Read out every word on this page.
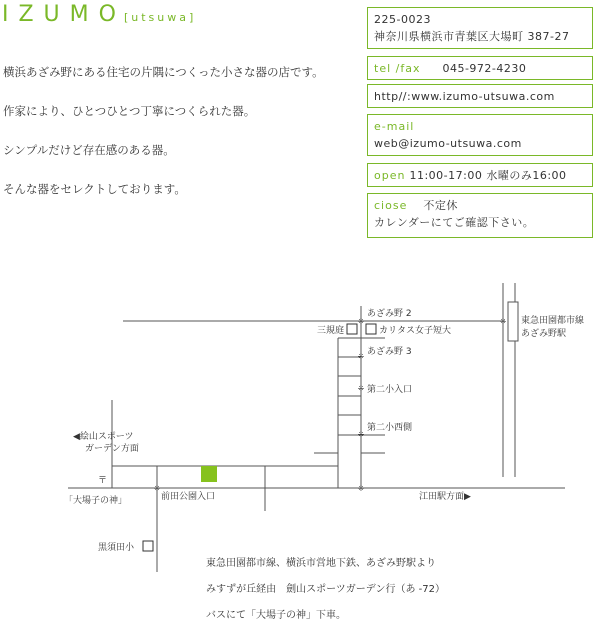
IZUMO
[utsuwa]

横浜あざみ野にある住宅の片隅につくった小さな器の店です。

作家により、ひとつひとつ丁寧につくられた器。

シンプルだけど存在感のある器。

そんな器をセレクトしております。

225-0023
神奈川県横浜市青葉区大場町 387-27
tel /fax 045-972-4230
http//:www.izumo-utsuwa.com
e-mail
web@izumo-utsuwa.com
open 11:00-17:00 水曜のみ16:00
ciose 不定休
カレンダーにてご確認下さい。
⁜
⁜
⁜
⁜
⁜
⁜
⁜
あざみ野 2
三規庭	カリタス女子短大
あざみ野 3
第二小入口
第二小西側
東急田園都市線
あざみ野駅
◀絵山スポーツ
ガーデン方面
〒
「大場子の神」	前田公園入口	江田駅方面▶
黒須田小
東急田園都市線、横浜市営地下鉄、あざみ野駅より
みすずが丘経由　劍山スポーツガーデン行（あ -72）
バスにて「大場子の神」下車。
